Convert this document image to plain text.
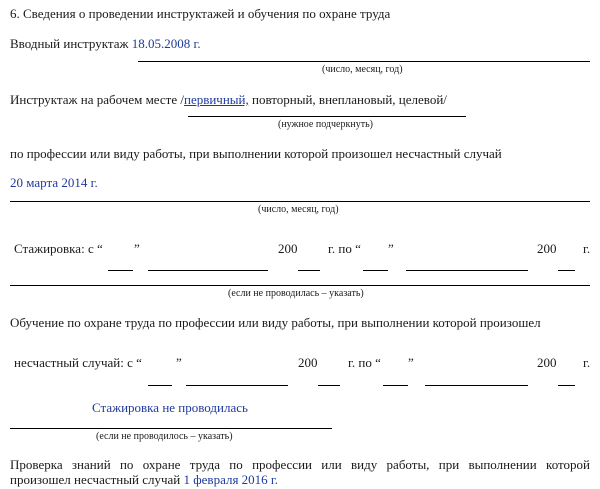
6. Сведения о проведении инструктажей и обучения по охране труда
Вводный инструктаж 18.05.2008 г.
(число, месяц, год)
Инструктаж на рабочем месте /первичный, повторный, внеплановый, целевой/
(нужное подчеркнуть)
по профессии или виду работы, при выполнении которой произошел несчастный случай
20 марта 2014 г.
(число, месяц, год)
Стажировка: с “ ”	200 г. по “ ”	200 г.
(если не проводилась – указать)
Обучение по охране труда по профессии или виду работы, при выполнении которой произошел
несчастный случай: с “	”	200 г. по “ ”	200 г.
Стажировка не проводилась
(если не проводилось – указать)
Проверка знаний по охране труда по профессии или виду работы, при выполнении которой
произошел несчастный случай 1 февраля 2016 г.
